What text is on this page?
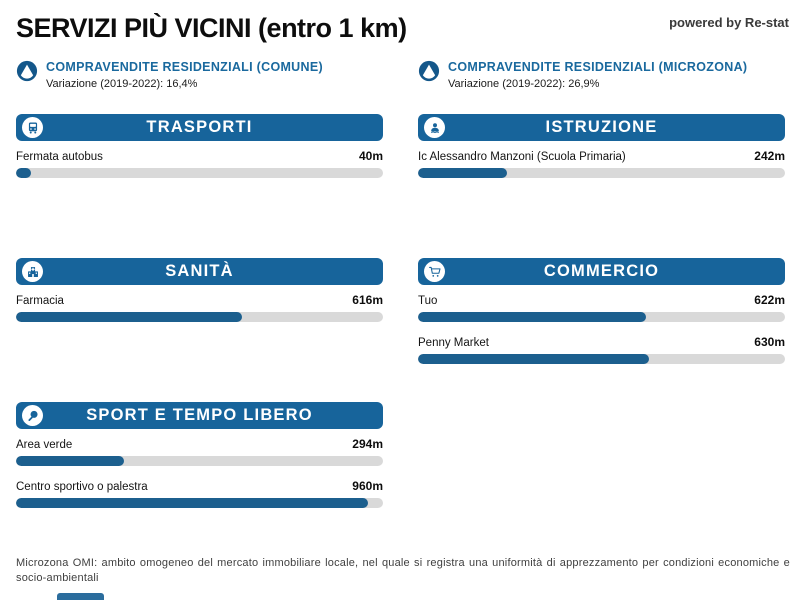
SERVIZI PIÙ VICINI (entro 1 km)	powered by Re-stat
COMPRAVENDITE RESIDENZIALI (COMUNE)
Variazione (2019-2022): 16,4%
COMPRAVENDITE RESIDENZIALI (MICROZONA)
Variazione (2019-2022): 26,9%
TRASPORTI
Fermata autobus	40m
ISTRUZIONE
Ic Alessandro Manzoni (Scuola Primaria)	242m
SANITÀ
Farmacia	616m
COMMERCIO
Tuo	622m
Penny Market	630m
SPORT E TEMPO LIBERO
Area verde	294m
Centro sportivo o palestra	960m
Microzona OMI: ambito omogeneo del mercato immobiliare locale, nel quale si registra una uniformità di apprezzamento per condizioni economiche e socio-ambientali
